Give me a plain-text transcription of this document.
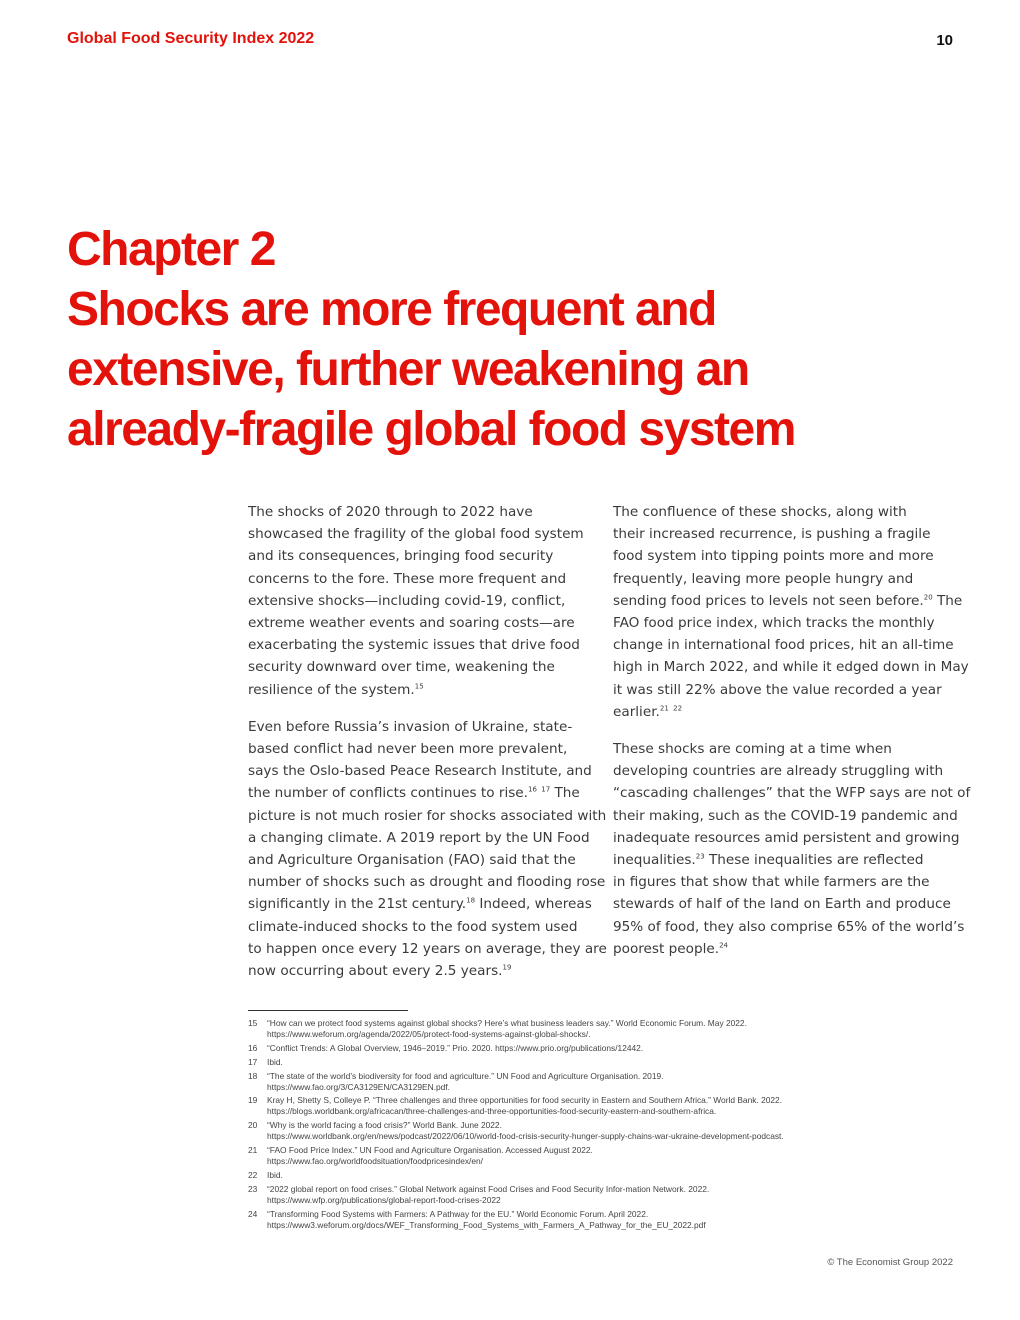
Global Food Security Index 2022	10
Chapter 2
Shocks are more frequent and
extensive, further weakening an
already-fragile global food system

The shocks of 2020 through to 2022 have
showcased the fragility of the global food system
and its consequences, bringing food security
concerns to the fore. These more frequent and
extensive shocks—including covid-19, conflict,
extreme weather events and soaring costs—are
exacerbating the systemic issues that drive food
security downward over time, weakening the
resilience of the system.$^{15}$

Even before Russia’s invasion of Ukraine, state-
based conflict had never been more prevalent,
says the Oslo-based Peace Research Institute, and
the number of conflicts continues to rise.$^{16}$ $^{17}$ The
picture is not much rosier for shocks associated with
a changing climate. A 2019 report by the UN Food
and Agriculture Organisation (FAO) said that the
number of shocks such as drought and flooding rose
significantly in the 21st century.$^{18}$ Indeed, whereas
climate-induced shocks to the food system used
to happen once every 12 years on average, they are
now occurring about every 2.5 years.$^{19}$

The confluence of these shocks, along with
their increased recurrence, is pushing a fragile
food system into tipping points more and more
frequently, leaving more people hungry and
sending food prices to levels not seen before.$^{20}$ The
FAO food price index, which tracks the monthly
change in international food prices, hit an all-time
high in March 2022, and while it edged down in May
it was still 22% above the value recorded a year
earlier.$^{21}$ $^{22}$

These shocks are coming at a time when
developing countries are already struggling with
“cascading challenges” that the WFP says are not of
their making, such as the COVID-19 pandemic and
inadequate resources amid persistent and growing
inequalities.$^{23}$ These inequalities are reflected
in figures that show that while farmers are the
stewards of half of the land on Earth and produce
95% of food, they also comprise 65% of the world’s
poorest people.$^{24}$

15 “How can we protect food systems against global shocks? Here’s what business leaders say.” World Economic Forum. May 2022.
https://www.weforum.org/agenda/2022/05/protect-food-systems-against-global-shocks/.
16 “Conflict Trends: A Global Overview, 1946–2019.” Prio. 2020. https://www.prio.org/publications/12442.
17 Ibid.
18 “The state of the world’s biodiversity for food and agriculture.” UN Food and Agriculture Organisation. 2019.
https://www.fao.org/3/CA3129EN/CA3129EN.pdf.
19 Kray H, Shetty S, Colleye P. “Three challenges and three opportunities for food security in Eastern and Southern Africa.” World Bank. 2022.
https://blogs.worldbank.org/africacan/three-challenges-and-three-opportunities-food-security-eastern-and-southern-africa.
20 “Why is the world facing a food crisis?” World Bank. June 2022.
https://www.worldbank.org/en/news/podcast/2022/06/10/world-food-crisis-security-hunger-supply-chains-war-ukraine-development-podcast.
21 “FAO Food Price Index.” UN Food and Agriculture Organisation. Accessed August 2022.
https://www.fao.org/worldfoodsituation/foodpricesindex/en/
22 Ibid.
23 “2022 global report on food crises.” Global Network against Food Crises and Food Security Infor-mation Network. 2022.
https://www.wfp.org/publications/global-report-food-crises-2022
24 “Transforming Food Systems with Farmers: A Pathway for the EU.” World Economic Forum. April 2022.
https://www3.weforum.org/docs/WEF_Transforming_Food_Systems_with_Farmers_A_Pathway_for_the_EU_2022.pdf
© The Economist Group 2022
